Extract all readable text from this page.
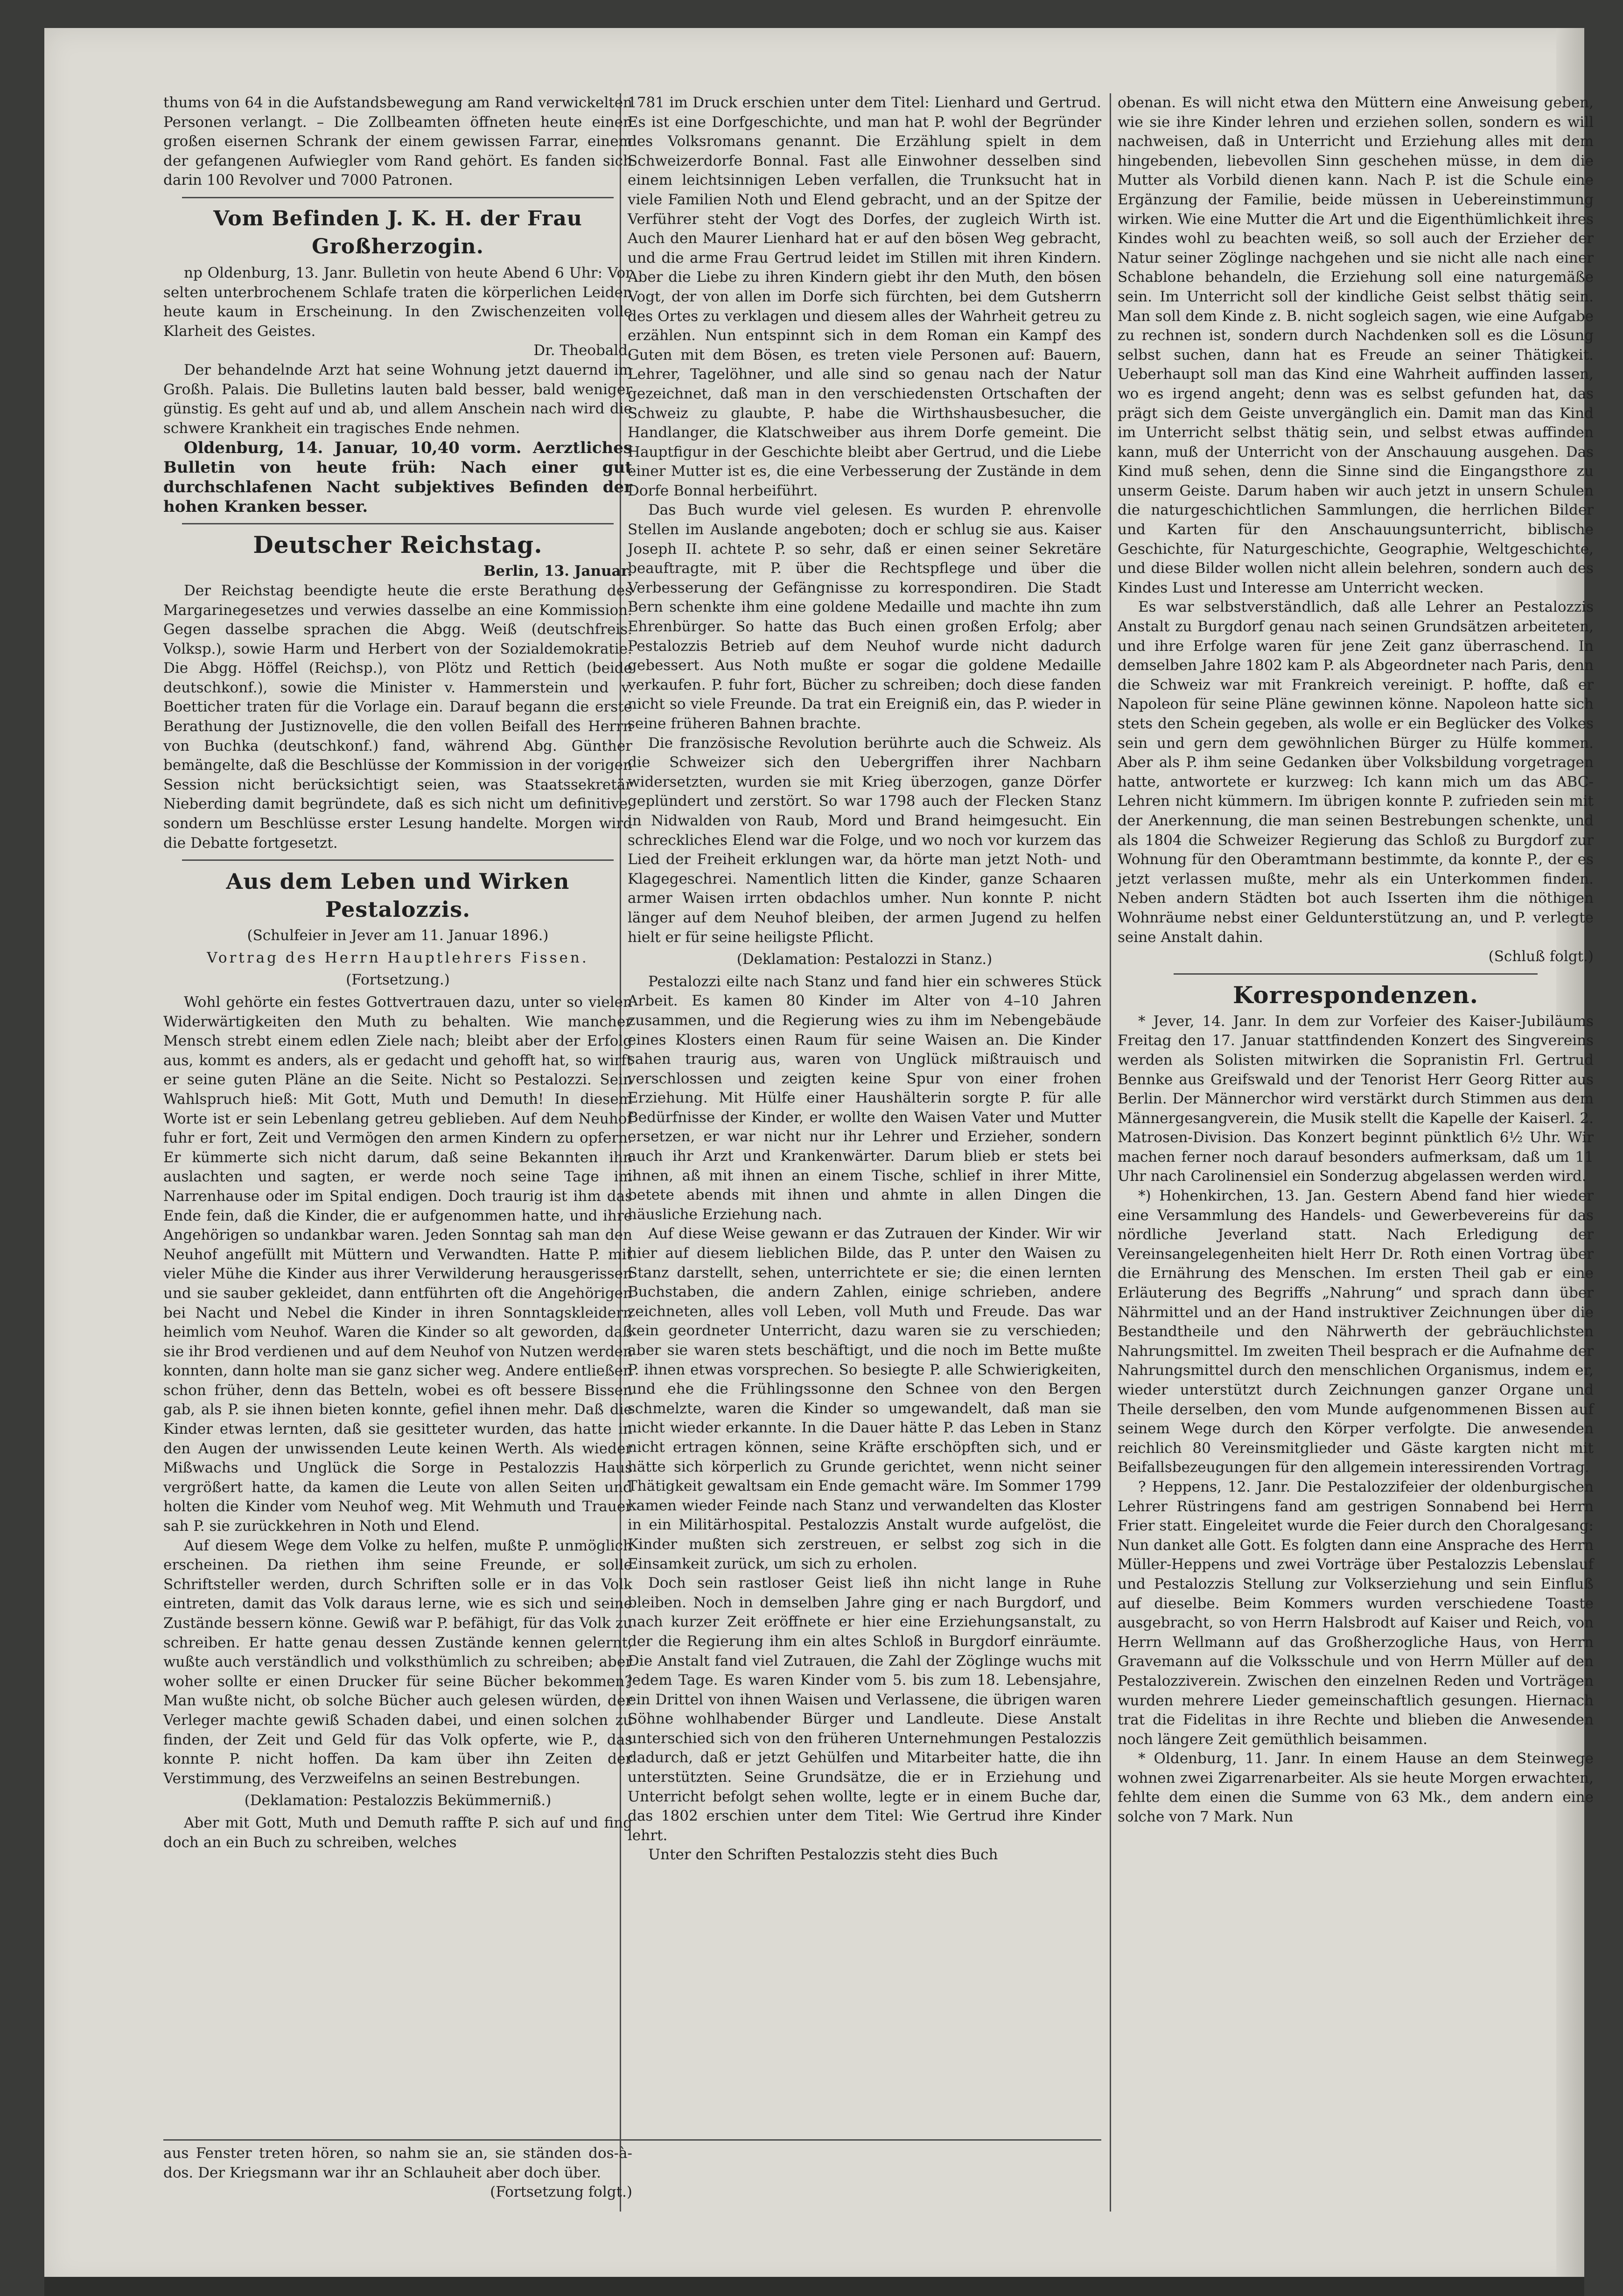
thums von 64 in die Aufstandsbewegung am Rand verwickelten Personen verlangt. – Die Zollbeamten öffneten heute einen großen eisernen Schrank der einem gewissen Farrar, einem der gefangenen Aufwiegler vom Rand gehört. Es fanden sich darin 100 Revolver und 7000 Patronen.

Vom Befinden J. K. H. der Frau Großherzogin.

np Oldenburg, 13. Janr. Bulletin von heute Abend 6 Uhr: Vor selten unterbrochenem Schlafe traten die körperlichen Leiden heute kaum in Erscheinung. In den Zwischenzeiten volle Klarheit des Geistes.

Dr. Theobald.

Der behandelnde Arzt hat seine Wohnung jetzt dauernd im Großh. Palais. Die Bulletins lauten bald besser, bald weniger günstig. Es geht auf und ab, und allem Anschein nach wird die schwere Krankheit ein tragisches Ende nehmen.

Oldenburg, 14. Januar, 10,40 vorm. Aerztliches Bulletin von heute früh: Nach einer gut durchschlafenen Nacht subjektives Befinden der hohen Kranken besser.

Deutscher Reichstag.

Berlin, 13. Januar.

Der Reichstag beendigte heute die erste Berathung des Margarinegesetzes und verwies dasselbe an eine Kommission. Gegen dasselbe sprachen die Abgg. Weiß (deutschfreis. Volksp.), sowie Harm und Herbert von der Sozialdemokratie. Die Abgg. Höffel (Reichsp.), von Plötz und Rettich (beide deutschkonf.), sowie die Minister v. Hammerstein und v. Boetticher traten für die Vorlage ein. Darauf begann die erste Berathung der Justiznovelle, die den vollen Beifall des Herrn von Buchka (deutschkonf.) fand, während Abg. Günther bemängelte, daß die Beschlüsse der Kommission in der vorigen Session nicht berücksichtigt seien, was Staatssekretär Nieberding damit begründete, daß es sich nicht um definitive, sondern um Beschlüsse erster Lesung handelte. Morgen wird die Debatte fortgesetzt.

Aus dem Leben und Wirken Pestalozzis.
(Schulfeier in Jever am 11. Januar 1896.)
Vortrag des Herrn Hauptlehrers Fissen.
(Fortsetzung.)

Wohl gehörte ein festes Gottvertrauen dazu, unter so vielen Widerwärtigkeiten den Muth zu behalten. Wie mancher Mensch strebt einem edlen Ziele nach; bleibt aber der Erfolg aus, kommt es anders, als er gedacht und gehofft hat, so wirft er seine guten Pläne an die Seite. Nicht so Pestalozzi. Sein Wahlspruch hieß: Mit Gott, Muth und Demuth! In diesem Worte ist er sein Lebenlang getreu geblieben. Auf dem Neuhof fuhr er fort, Zeit und Vermögen den armen Kindern zu opfern. Er kümmerte sich nicht darum, daß seine Bekannten ihn auslachten und sagten, er werde noch seine Tage im Narrenhause oder im Spital endigen. Doch traurig ist ihm das Ende fein, daß die Kinder, die er aufgenommen hatte, und ihre Angehörigen so undankbar waren. Jeden Sonntag sah man den Neuhof angefüllt mit Müttern und Verwandten. Hatte P. mit vieler Mühe die Kinder aus ihrer Verwilderung herausgerissen und sie sauber gekleidet, dann entführten oft die Angehörigen bei Nacht und Nebel die Kinder in ihren Sonntagskleidern heimlich vom Neuhof. Waren die Kinder so alt geworden, daß sie ihr Brod verdienen und auf dem Neuhof von Nutzen werden konnten, dann holte man sie ganz sicher weg. Andere entließen schon früher, denn das Betteln, wobei es oft bessere Bissen gab, als P. sie ihnen bieten konnte, gefiel ihnen mehr. Daß die Kinder etwas lernten, daß sie gesitteter wurden, das hatte in den Augen der unwissenden Leute keinen Werth. Als wieder Mißwachs und Unglück die Sorge in Pestalozzis Haus vergrößert hatte, da kamen die Leute von allen Seiten und holten die Kinder vom Neuhof weg. Mit Wehmuth und Trauer sah P. sie zurückkehren in Noth und Elend.

Auf diesem Wege dem Volke zu helfen, mußte P. unmöglich erscheinen. Da riethen ihm seine Freunde, er solle Schriftsteller werden, durch Schriften solle er in das Volk eintreten, damit das Volk daraus lerne, wie es sich und seine Zustände bessern könne. Gewiß war P. befähigt, für das Volk zu schreiben. Er hatte genau dessen Zustände kennen gelernt, wußte auch verständlich und volksthümlich zu schreiben; aber woher sollte er einen Drucker für seine Bücher bekommen? Man wußte nicht, ob solche Bücher auch gelesen würden, der Verleger machte gewiß Schaden dabei, und einen solchen zu finden, der Zeit und Geld für das Volk opferte, wie P., das konnte P. nicht hoffen. Da kam über ihn Zeiten der Verstimmung, des Verzweifelns an seinen Bestrebungen.

(Deklamation: Pestalozzis Bekümmerniß.)

Aber mit Gott, Muth und Demuth raffte P. sich auf und fing doch an ein Buch zu schreiben, welches

1781 im Druck erschien unter dem Titel: Lienhard und Gertrud. Es ist eine Dorfgeschichte, und man hat P. wohl der Begründer des Volksromans genannt. Die Erzählung spielt in dem Schweizerdorfe Bonnal. Fast alle Einwohner desselben sind einem leichtsinnigen Leben verfallen, die Trunksucht hat in viele Familien Noth und Elend gebracht, und an der Spitze der Verführer steht der Vogt des Dorfes, der zugleich Wirth ist. Auch den Maurer Lienhard hat er auf den bösen Weg gebracht, und die arme Frau Gertrud leidet im Stillen mit ihren Kindern. Aber die Liebe zu ihren Kindern giebt ihr den Muth, den bösen Vogt, der von allen im Dorfe sich fürchten, bei dem Gutsherrn des Ortes zu verklagen und diesem alles der Wahrheit getreu zu erzählen. Nun entspinnt sich in dem Roman ein Kampf des Guten mit dem Bösen, es treten viele Personen auf: Bauern, Lehrer, Tagelöhner, und alle sind so genau nach der Natur gezeichnet, daß man in den verschiedensten Ortschaften der Schweiz zu glaubte, P. habe die Wirthshausbesucher, die Handlanger, die Klatschweiber aus ihrem Dorfe gemeint. Die Hauptfigur in der Geschichte bleibt aber Gertrud, und die Liebe einer Mutter ist es, die eine Verbesserung der Zustände in dem Dorfe Bonnal herbeiführt.

Das Buch wurde viel gelesen. Es wurden P. ehrenvolle Stellen im Auslande angeboten; doch er schlug sie aus. Kaiser Joseph II. achtete P. so sehr, daß er einen seiner Sekretäre beauftragte, mit P. über die Rechtspflege und über die Verbesserung der Gefängnisse zu korrespondiren. Die Stadt Bern schenkte ihm eine goldene Medaille und machte ihn zum Ehrenbürger. So hatte das Buch einen großen Erfolg; aber Pestalozzis Betrieb auf dem Neuhof wurde nicht dadurch gebessert. Aus Noth mußte er sogar die goldene Medaille verkaufen. P. fuhr fort, Bücher zu schreiben; doch diese fanden nicht so viele Freunde. Da trat ein Ereigniß ein, das P. wieder in seine früheren Bahnen brachte.

Die französische Revolution berührte auch die Schweiz. Als die Schweizer sich den Uebergriffen ihrer Nachbarn widersetzten, wurden sie mit Krieg überzogen, ganze Dörfer geplündert und zerstört. So war 1798 auch der Flecken Stanz in Nidwalden von Raub, Mord und Brand heimgesucht. Ein schreckliches Elend war die Folge, und wo noch vor kurzem das Lied der Freiheit erklungen war, da hörte man jetzt Noth- und Klagegeschrei. Namentlich litten die Kinder, ganze Schaaren armer Waisen irrten obdachlos umher. Nun konnte P. nicht länger auf dem Neuhof bleiben, der armen Jugend zu helfen hielt er für seine heiligste Pflicht.

(Deklamation: Pestalozzi in Stanz.)

Pestalozzi eilte nach Stanz und fand hier ein schweres Stück Arbeit. Es kamen 80 Kinder im Alter von 4–10 Jahren zusammen, und die Regierung wies zu ihm im Nebengebäude eines Klosters einen Raum für seine Waisen an. Die Kinder sahen traurig aus, waren von Unglück mißtrauisch und verschlossen und zeigten keine Spur von einer frohen Erziehung. Mit Hülfe einer Haushälterin sorgte P. für alle Bedürfnisse der Kinder, er wollte den Waisen Vater und Mutter ersetzen, er war nicht nur ihr Lehrer und Erzieher, sondern auch ihr Arzt und Krankenwärter. Darum blieb er stets bei ihnen, aß mit ihnen an einem Tische, schlief in ihrer Mitte, betete abends mit ihnen und ahmte in allen Dingen die häusliche Erziehung nach.

Auf diese Weise gewann er das Zutrauen der Kinder. Wir wir hier auf diesem lieblichen Bilde, das P. unter den Waisen zu Stanz darstellt, sehen, unterrichtete er sie; die einen lernten Buchstaben, die andern Zahlen, einige schrieben, andere zeichneten, alles voll Leben, voll Muth und Freude. Das war kein geordneter Unterricht, dazu waren sie zu verschieden; aber sie waren stets beschäftigt, und die noch im Bette mußte P. ihnen etwas vorsprechen. So besiegte P. alle Schwierigkeiten, und ehe die Frühlingssonne den Schnee von den Bergen schmelzte, waren die Kinder so umgewandelt, daß man sie nicht wieder erkannte. In die Dauer hätte P. das Leben in Stanz nicht ertragen können, seine Kräfte erschöpften sich, und er hätte sich körperlich zu Grunde gerichtet, wenn nicht seiner Thätigkeit gewaltsam ein Ende gemacht wäre. Im Sommer 1799 kamen wieder Feinde nach Stanz und verwandelten das Kloster in ein Militärhospital. Pestalozzis Anstalt wurde aufgelöst, die Kinder mußten sich zerstreuen, er selbst zog sich in die Einsamkeit zurück, um sich zu erholen.

Doch sein rastloser Geist ließ ihn nicht lange in Ruhe bleiben. Noch in demselben Jahre ging er nach Burgdorf, und nach kurzer Zeit eröffnete er hier eine Erziehungsanstalt, zu der die Regierung ihm ein altes Schloß in Burgdorf einräumte. Die Anstalt fand viel Zutrauen, die Zahl der Zöglinge wuchs mit jedem Tage. Es waren Kinder vom 5. bis zum 18. Lebensjahre, ein Drittel von ihnen Waisen und Verlassene, die übrigen waren Söhne wohlhabender Bürger und Landleute. Diese Anstalt unterschied sich von den früheren Unternehmungen Pestalozzis dadurch, daß er jetzt Gehülfen und Mitarbeiter hatte, die ihn unterstützten. Seine Grundsätze, die er in Erziehung und Unterricht befolgt sehen wollte, legte er in einem Buche dar, das 1802 erschien unter dem Titel: Wie Gertrud ihre Kinder lehrt.

Unter den Schriften Pestalozzis steht dies Buch

obenan. Es will nicht etwa den Müttern eine Anweisung geben, wie sie ihre Kinder lehren und erziehen sollen, sondern es will nachweisen, daß in Unterricht und Erziehung alles mit dem hingebenden, liebevollen Sinn geschehen müsse, in dem die Mutter als Vorbild dienen kann. Nach P. ist die Schule eine Ergänzung der Familie, beide müssen in Uebereinstimmung wirken. Wie eine Mutter die Art und die Eigenthümlichkeit ihres Kindes wohl zu beachten weiß, so soll auch der Erzieher der Natur seiner Zöglinge nachgehen und sie nicht alle nach einer Schablone behandeln, die Erziehung soll eine naturgemäße sein. Im Unterricht soll der kindliche Geist selbst thätig sein. Man soll dem Kinde z. B. nicht sogleich sagen, wie eine Aufgabe zu rechnen ist, sondern durch Nachdenken soll es die Lösung selbst suchen, dann hat es Freude an seiner Thätigkeit. Ueberhaupt soll man das Kind eine Wahrheit auffinden lassen, wo es irgend angeht; denn was es selbst gefunden hat, das prägt sich dem Geiste unvergänglich ein. Damit man das Kind im Unterricht selbst thätig sein, und selbst etwas auffinden kann, muß der Unterricht von der Anschauung ausgehen. Das Kind muß sehen, denn die Sinne sind die Eingangsthore zu unserm Geiste. Darum haben wir auch jetzt in unsern Schulen die naturgeschichtlichen Sammlungen, die herrlichen Bilder und Karten für den Anschauungsunterricht, biblische Geschichte, für Naturgeschichte, Geographie, Weltgeschichte, und diese Bilder wollen nicht allein belehren, sondern auch des Kindes Lust und Interesse am Unterricht wecken.

Es war selbstverständlich, daß alle Lehrer an Pestalozzis Anstalt zu Burgdorf genau nach seinen Grundsätzen arbeiteten, und ihre Erfolge waren für jene Zeit ganz überraschend. In demselben Jahre 1802 kam P. als Abgeordneter nach Paris, denn die Schweiz war mit Frankreich vereinigt. P. hoffte, daß er Napoleon für seine Pläne gewinnen könne. Napoleon hatte sich stets den Schein gegeben, als wolle er ein Beglücker des Volkes sein und gern dem gewöhnlichen Bürger zu Hülfe kommen. Aber als P. ihm seine Gedanken über Volksbildung vorgetragen hatte, antwortete er kurzweg: Ich kann mich um das ABC-Lehren nicht kümmern. Im übrigen konnte P. zufrieden sein mit der Anerkennung, die man seinen Bestrebungen schenkte, und als 1804 die Schweizer Regierung das Schloß zu Burgdorf zur Wohnung für den Oberamtmann bestimmte, da konnte P., der es jetzt verlassen mußte, mehr als ein Unterkommen finden. Neben andern Städten bot auch Isserten ihm die nöthigen Wohnräume nebst einer Geldunterstützung an, und P. verlegte seine Anstalt dahin.

(Schluß folgt.)

Korrespondenzen.

* Jever, 14. Janr. In dem zur Vorfeier des Kaiser-Jubiläums Freitag den 17. Januar stattfindenden Konzert des Singvereins werden als Solisten mitwirken die Sopranistin Frl. Gertrud Bennke aus Greifswald und der Tenorist Herr Georg Ritter aus Berlin. Der Männerchor wird verstärkt durch Stimmen aus dem Männergesangverein, die Musik stellt die Kapelle der Kaiserl. 2. Matrosen-Division. Das Konzert beginnt pünktlich 6½ Uhr. Wir machen ferner noch darauf besonders aufmerksam, daß um 11 Uhr nach Carolinensiel ein Sonderzug abgelassen werden wird.

*) Hohenkirchen, 13. Jan. Gestern Abend fand hier wieder eine Versammlung des Handels- und Gewerbevereins für das nördliche Jeverland statt. Nach Erledigung der Vereinsangelegenheiten hielt Herr Dr. Roth einen Vortrag über die Ernährung des Menschen. Im ersten Theil gab er eine Erläuterung des Begriffs „Nahrung“ und sprach dann über Nährmittel und an der Hand instruktiver Zeichnungen über die Bestandtheile und den Nährwerth der gebräuchlichsten Nahrungsmittel. Im zweiten Theil besprach er die Aufnahme der Nahrungsmittel durch den menschlichen Organismus, indem er, wieder unterstützt durch Zeichnungen ganzer Organe und Theile derselben, den vom Munde aufgenommenen Bissen auf seinem Wege durch den Körper verfolgte. Die anwesenden reichlich 80 Vereinsmitglieder und Gäste kargten nicht mit Beifallsbezeugungen für den allgemein interessirenden Vortrag.

? Heppens, 12. Janr. Die Pestalozzifeier der oldenburgischen Lehrer Rüstringens fand am gestrigen Sonnabend bei Herrn Frier statt. Eingeleitet wurde die Feier durch den Choralgesang: Nun danket alle Gott. Es folgten dann eine Ansprache des Herrn Müller-Heppens und zwei Vorträge über Pestalozzis Lebenslauf und Pestalozzis Stellung zur Volkserziehung und sein Einfluß auf dieselbe. Beim Kommers wurden verschiedene Toaste ausgebracht, so von Herrn Halsbrodt auf Kaiser und Reich, von Herrn Wellmann auf das Großherzogliche Haus, von Herrn Gravemann auf die Volksschule und von Herrn Müller auf den Pestalozziverein. Zwischen den einzelnen Reden und Vorträgen wurden mehrere Lieder gemeinschaftlich gesungen. Hiernach trat die Fidelitas in ihre Rechte und blieben die Anwesenden noch längere Zeit gemüthlich beisammen.

* Oldenburg, 11. Janr. In einem Hause an dem Steinwege wohnen zwei Zigarrenarbeiter. Als sie heute Morgen erwachten, fehlte dem einen die Summe von 63 Mk., dem andern eine solche von 7 Mark. Nun

aus Fenster treten hören, so nahm sie an, sie ständen dos-à-dos. Der Kriegsmann war ihr an Schlauheit aber doch über.
(Fortsetzung folgt.)
